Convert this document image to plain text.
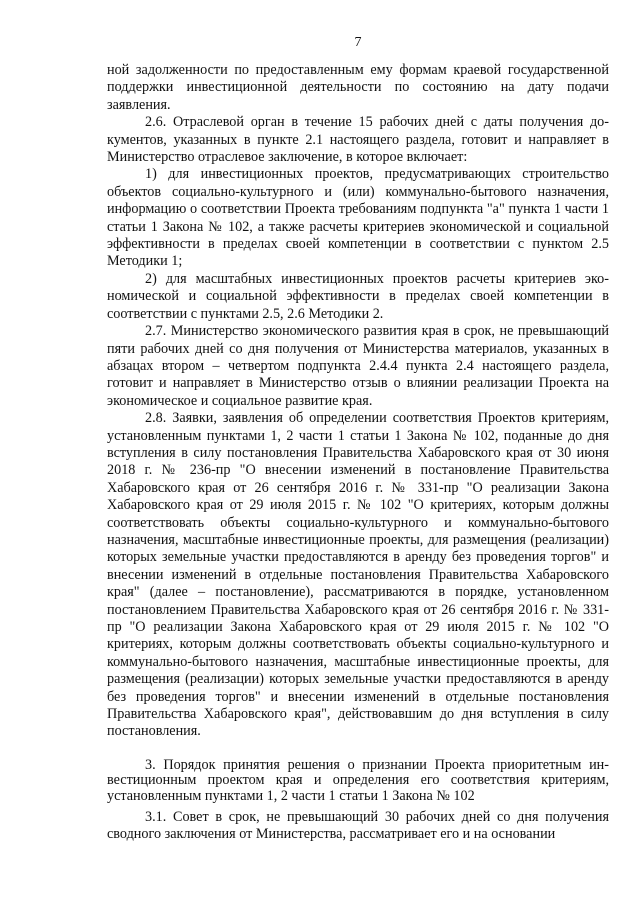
7

ной задолженности по предоставленным ему формам краевой государственной поддержки инвестиционной деятельности по состоянию на дату подачи заявления.

2.6. Отраслевой орган в течение 15 рабочих дней с даты получения документов, указанных в пункте 2.1 настоящего раздела, готовит и направляет в Министерство отраслевое заключение, в которое включает:

1) для инвестиционных проектов, предусматривающих строительство объектов социально-культурного и (или) коммунально-бытового назначения, информацию о соответствии Проекта требованиям подпункта "а" пункта 1 части 1 статьи 1 Закона № 102, а также расчеты критериев экономической и социальной эффективности в пределах своей компетенции в соответствии с пунктом 2.5 Методики 1;

2) для масштабных инвестиционных проектов расчеты критериев экономической и социальной эффективности в пределах своей компетенции в соответствии с пунктами 2.5, 2.6 Методики 2.

2.7. Министерство экономического развития края в срок, не превышающий пяти рабочих дней со дня получения от Министерства материалов, указанных в абзацах втором – четвертом подпункта 2.4.4 пункта 2.4 настоящего раздела, готовит и направляет в Министерство отзыв о влиянии реализации Проекта на экономическое и социальное развитие края.

2.8. Заявки, заявления об определении соответствия Проектов критериям, установленным пунктами 1, 2 части 1 статьи 1 Закона № 102, поданные до дня вступления в силу постановления Правительства Хабаровского края от 30 июня 2018 г. № 236-пр "О внесении изменений в постановление Правительства Хабаровского края от 26 сентября 2016 г. № 331-пр "О реализации Закона Хабаровского края от 29 июля 2015 г. № 102 "О критериях, которым должны соответствовать объекты социально-культурного и коммунально-бытового назначения, масштабные инвестиционные проекты, для размещения (реализации) которых земельные участки предоставляются в аренду без проведения торгов" и внесении изменений в отдельные постановления Правительства Хабаровского края" (далее – постановление), рассматриваются в порядке, установленном постановлением Правительства Хабаровского края от 26 сентября 2016 г. № 331-пр "О реализации Закона Хабаровского края от 29 июля 2015 г. № 102 "О критериях, которым должны соответствовать объекты социально-культурного и коммунально-бытового назначения, масштабные инвестиционные проекты, для размещения (реализации) которых земельные участки предоставляются в аренду без проведения торгов" и внесении изменений в отдельные постановления Правительства Хабаровского края", действовавшим до дня вступления в силу постановления.

3. Порядок принятия решения о признании Проекта приоритетным инвестиционным проектом края и определения его соответствия критериям, установленным пунктами 1, 2 части 1 статьи 1 Закона № 102

3.1. Совет в срок, не превышающий 30 рабочих дней со дня получения сводного заключения от Министерства, рассматривает его и на основании
